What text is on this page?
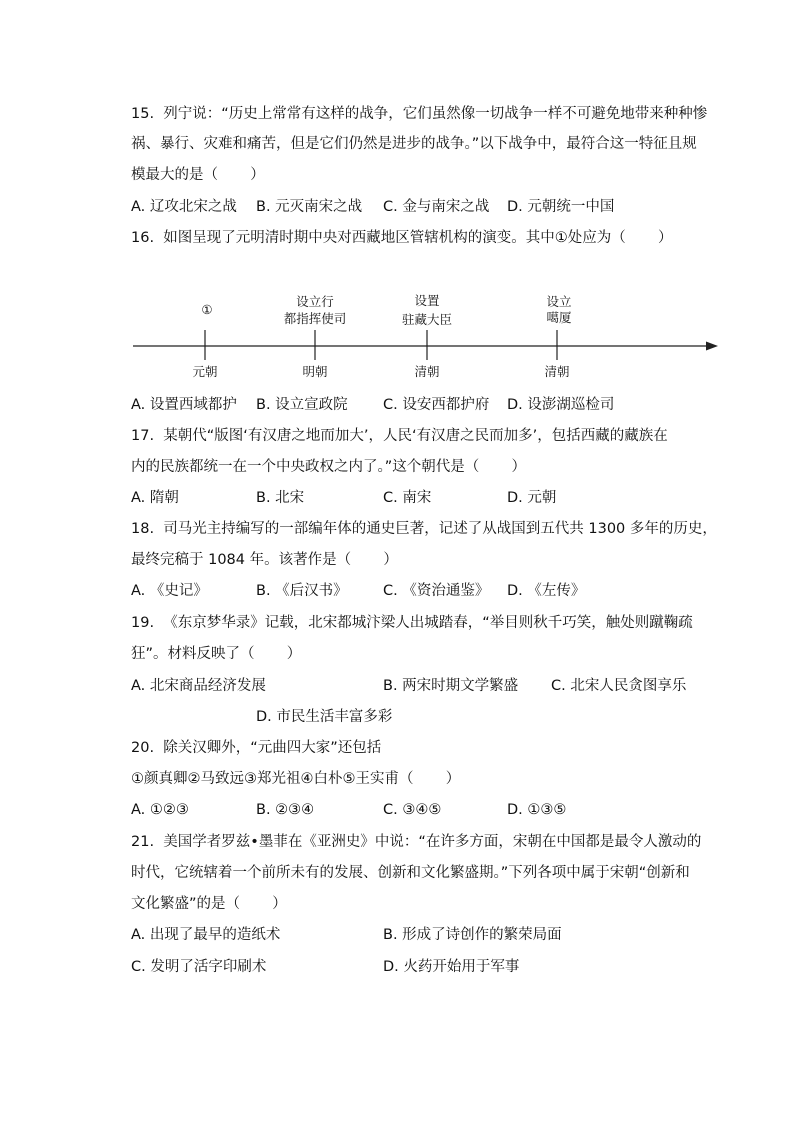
15.  列宁说：“历史上常常有这样的战争，它们虽然像一切战争一样不可避免地带来种种惨
祸、暴行、灾难和痛苦，但是它们仍然是进步的战争。”以下战争中，最符合这一特征且规
模最大的是（       ）
A. 辽攻北宋之战 B. 元灭南宋之战 C. 金与南宋之战 D. 元朝统一中国
16.  如图呈现了元明清时期中央对西藏地区管辖机构的演变。其中①处应为（       ）
①
设立行
都指挥使司
设置
驻藏大臣
设立
噶厦
元朝	明朝	清朝	清朝
A. 设置西域都护 B. 设立宣政院 C. 设安西都护府 D. 设澎湖巡检司
17.  某朝代“版图‘有汉唐之地而加大’，人民‘有汉唐之民而加多’，包括西藏的藏族在
内的民族都统一在一个中央政权之内了。”这个朝代是（       ）
A. 隋朝	B. 北宋	C. 南宋	D. 元朝
18.  司马光主持编写的一部编年体的通史巨著，记述了从战国到五代共 1300 多年的历史，
最终完稿于 1084 年。该著作是（       ）
A. 《史记》	B. 《后汉书》 C. 《资治通鉴》 D. 《左传》
19.  《东京梦华录》记载，北宋都城汴梁人出城踏春，“举目则秋千巧笑，触处则蹴鞠疏
狂”。材料反映了（       ）
A. 北宋商品经济发展	B. 两宋时期文学繁盛 C. 北宋人民贪图享乐
D. 市民生活丰富多彩
20.  除关汉卿外，“元曲四大家”还包括
①颜真卿②马致远③郑光祖④白朴⑤王实甫（       ）
A. ①②③	B. ②③④	C. ③④⑤	D. ①③⑤
21.  美国学者罗兹•墨菲在《亚洲史》中说：“在许多方面，宋朝在中国都是最令人激动的
时代，它统辖着一个前所未有的发展、创新和文化繁盛期。”下列各项中属于宋朝“创新和
文化繁盛”的是（       ）
A. 出现了最早的造纸术	B. 形成了诗创作的繁荣局面
C. 发明了活字印刷术	D. 火药开始用于军事
